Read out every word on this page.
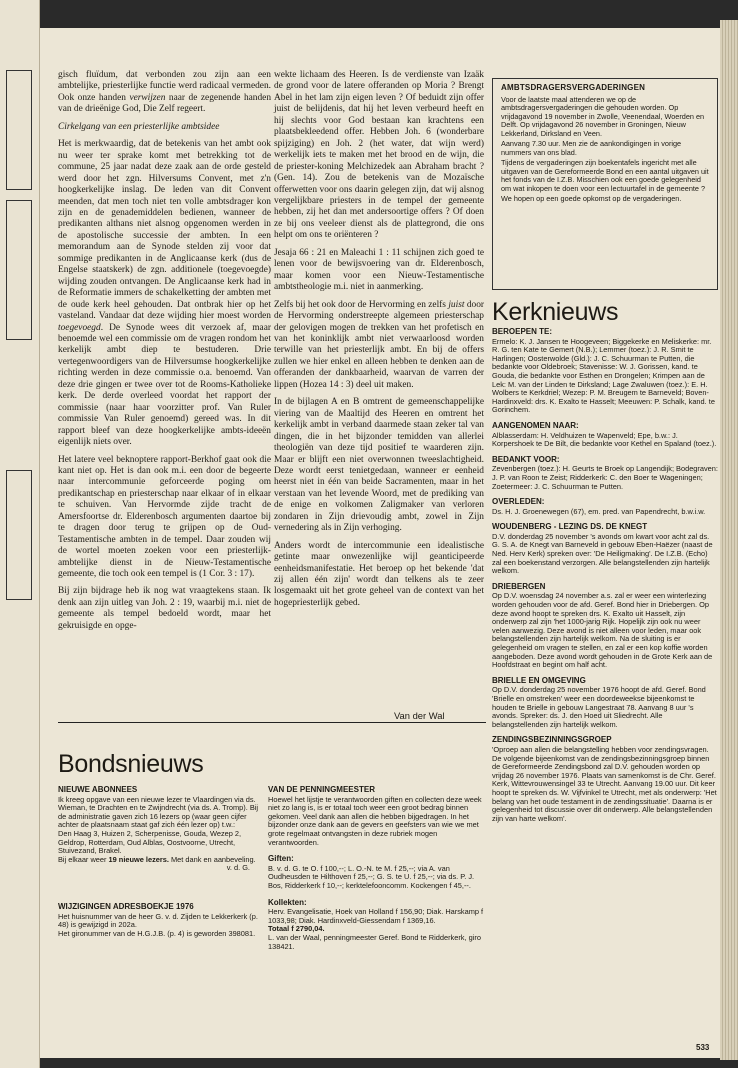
gisch fluïdum, dat verbonden zou zijn aan een ambtelijke, priesterlijke functie werd radicaal vermeden. Ook onze handen verwijzen naar de zegenende handen van de drieënige God, Die Zelf regeert.

Cirkelgang van een priesterlijke ambtsidee

Het is merkwaardig, dat de betekenis van het ambt ook nu weer ter sprake komt met betrekking tot de commune, 25 jaar nadat deze zaak aan de orde gesteld werd door het zgn. Hilversums Convent, met z'n hoogkerkelijke inslag. De leden van dit Convent meenden, dat men toch niet ten volle ambtsdrager kon zijn en de genademiddelen bedienen, wanneer de predikanten althans niet alsnog opgenomen werden in de apostolische successie der ambten. In een memorandum aan de Synode stelden zij voor dat sommige predikanten in de Anglicaanse kerk (dus de Engelse staatskerk) de zgn. additionele (toegevoegde) wijding zouden ontvangen. De Anglicaanse kerk had in de Reformatie immers de schakelketting der ambten met de oude kerk heel gehouden. Dat ontbrak hier op het vasteland. Vandaar dat deze wijding hier moest worden toegevoegd. De Synode wees dit verzoek af, maar benoemde wel een commissie om de vragen rondom het kerkelijk ambt diep te bestuderen. Drie vertegenwoordigers van de Hilversumse hoogkerkelijke richting werden in deze commissie o.a. benoemd. Van deze drie gingen er twee over tot de Rooms-Katholieke kerk. De derde overleed voordat het rapport der commissie (naar haar voorzitter prof. Van Ruler commissie Van Ruler genoemd) gereed was. In dit rapport bleef van deze hoogkerkelijke ambts-ideeën eigenlijk niets over.

Het latere veel beknoptere rapport-Berkhof gaat ook die kant niet op. Het is dan ook m.i. een door de begeerte naar intercommunie geforceerde poging om predikantschap en priesterschap naar elkaar of in elkaar te schuiven. Van Hervormde zijde tracht de Amersfoortse dr. Elderenbosch argumenten daartoe bij te dragen door terug te grijpen op de Oud-Testamentische ambten in de tempel. Daar zouden wij de wortel moeten zoeken voor een priesterlijk-ambtelijke dienst in de Nieuw-Testamentische gemeente, die toch ook een tempel is (1 Cor. 3 : 17).

Bij zijn bijdrage heb ik nog wat vraagtekens staan. Ik denk aan zijn uitleg van Joh. 2 : 19, waarbij m.i. niet de gemeente als tempel bedoeld wordt, maar het gekruisigde en opge-

wekte lichaam des Heeren. Is de verdienste van Izaäk de grond voor de latere offeranden op Moria ? Brengt Abel in het lam zijn eigen leven ? Of beduidt zijn offer juist de belijdenis, dat hij het leven verbeurd heeft en hij slechts voor God bestaan kan krachtens een plaatsbekleedend offer. Hebben Joh. 6 (wonderbare spijziging) en Joh. 2 (het water, dat wijn werd) werkelijk iets te maken met het brood en de wijn, die de priester-koning Melchizedek aan Abraham bracht ? (Gen. 14). Zou de betekenis van de Mozaïsche offerwetten voor ons daarin gelegen zijn, dat wij alsnog vergelijkbare priesters in de tempel der gemeente hebben, zij het dan met andersoortige offers ? Of doen ze bij ons veeleer dienst als de plattegrond, die ons helpt om ons te oriënteren ?

Jesaja 66 : 21 en Maleachi 1 : 11 schijnen zich goed te lenen voor de bewijsvoering van dr. Elderenbosch, maar komen voor een Nieuw-Testamentische ambtstheologie m.i. niet in aanmerking.

Zelfs bij het ook door de Hervorming en zelfs juist door de Hervorming onderstreepte algemeen priesterschap der gelovigen mogen de trekken van het profetisch en van het koninklijk ambt niet verwaarloosd worden terwille van het priesterlijk ambt. En bij de offers zullen we hier enkel en alleen hebben te denken aan de offeranden der dankbaarheid, waarvan de varren der lippen (Hozea 14 : 3) deel uit maken.

In de bijlagen A en B omtrent de gemeenschappelijke viering van de Maaltijd des Heeren en omtrent het kerkelijk ambt in verband daarmede staan zeker tal van dingen, die in het bijzonder temidden van allerlei theologiën van deze tijd positief te waarderen zijn. Maar er blijft een niet overwonnen tweeslachtigheid. Deze wordt eerst tenietgedaan, wanneer er eenheid heerst niet in één van beide Sacramenten, maar in het verstaan van het levende Woord, met de prediking van de enige en volkomen Zaligmaker van verloren zondaren in Zijn drievoudig ambt, zowel in Zijn vernedering als in Zijn verhoging.

Anders wordt de intercommunie een idealistische getinte maar onwezenlijke wijl geanticipeerde eenheidsmanifestatie. Het beroep op het bekende 'dat zij allen één zijn' wordt dan telkens als te zeer losgemaakt uit het grote geheel van de context van het hogepriesterlijk gebed.

Van der Wal
AMBTSDRAGERSVERGADERINGEN

Voor de laatste maal attenderen we op de ambtsdragersvergaderingen die gehouden worden. Op vrijdagavond 19 november in Zwolle, Veenendaal, Woerden en Delft. Op vrijdagavond 26 november in Groningen, Nieuw Lekkerland, Dirksland en Veen.

Aanvang 7.30 uur. Men zie de aankondigingen in vorige nummers van ons blad.

Tijdens de vergaderingen zijn boekentafels ingericht met alle uitgaven van de Gereformeerde Bond en een aantal uitgaven uit het fonds van de I.Z.B. Misschien ook een goede gelegenheid om wat inkopen te doen voor een lectuurtafel in de gemeente ?

We hopen op een goede opkomst op de vergaderingen.

Kerknieuws
BEROEPEN TE:

Ermelo: K. J. Jansen te Hoogeveen; Biggekerke en Meliskerke: mr. R. G. ten Kate te Gemert (N.B.); Lemmer (toez.): J. R. Smit te Harlingen; Oosterwolde (Gld.): J. C. Schuurman te Putten, die bedankte voor Oldebroek; Stavenisse: W. J. Gorissen, kand. te Gouda, die bedankte voor Esthen en Drongelen; Krimpen aan de Lek: M. van der Linden te Dirksland; Lage Zwaluwen (toez.): E. H. Wolbers te Kerkdriel; Wezep: P. M. Breugem te Barneveld; Boven-Hardinxveld: drs. K. Exalto te Hasselt; Meeuwen: P. Schalk, kand. te Gorinchem.

AANGENOMEN NAAR:

Alblasserdam: H. Veldhuizen te Wapenveld; Epe, b.w.: J. Korpershoek te De Bilt, die bedankte voor Kethel en Spaland (toez.).

BEDANKT VOOR:

Zevenbergen (toez.): H. Geurts te Broek op Langendijk; Bodegraven: J. P. van Roon te Zeist; Ridderkerk: C. den Boer te Wageningen; Zoetermeer: J. C. Schuurman te Putten.

OVERLEDEN:

Ds. H. J. Groenewegen (67), em. pred. van Papendrecht, b.w.i.w.

WOUDENBERG - LEZING DS. DE KNEGT

D.V. donderdag 25 november 's avonds om kwart voor acht zal ds. G. S. A. de Knegt van Barneveld in gebouw Eben-Haëzer (naast de Ned. Herv Kerk) spreken over: 'De Heiligmaking'. De I.Z.B. (Echo) zal een boekenstand verzorgen. Alle belangstellenden zijn hartelijk welkom.

DRIEBERGEN

Op D.V. woensdag 24 november a.s. zal er weer een winterlezing worden gehouden voor de afd. Geref. Bond hier in Driebergen. Op deze avond hoopt te spreken drs. K. Exalto uit Hasselt, zijn onderwerp zal zijn 'het 1000-jarig Rijk. Hopelijk zijn ook nu weer velen aanwezig. Deze avond is niet alleen voor leden, maar ook belangstellenden zijn hartelijk welkom. Na de sluiting is er gelegenheid om vragen te stellen, en zal er een kop koffie worden aangeboden. Deze avond wordt gehouden in de Grote Kerk aan de Hoofdstraat en begint om half acht.

BRIELLE EN OMGEVING

Op D.V. donderdag 25 november 1976 hoopt de afd. Geref. Bond 'Brielle en omstreken' weer een doordeweekse bijeenkomst te houden te Brielle in gebouw Langestraat 78. Aanvang 8 uur 's avonds. Spreker: ds. J. den Hoed uit Sliedrecht. Alle belangstellenden zijn hartelijk welkom.

ZENDINGSBEZINNINGSGROEP

'Oproep aan allen die belangstelling hebben voor zendingsvragen. De volgende bijeenkomst van de zendingsbezinningsgroep binnen de Gereformeerde Zendingsbond zal D.V. gehouden worden op vrijdag 26 november 1976. Plaats van samenkomst is de Chr. Geref. Kerk, Wittevrouwensingel 33 te Utrecht. Aanvang 19.00 uur. Dit keer hoopt te spreken ds. W. Vijfvinkel te Utrecht, met als onderwerp: 'Het belang van het oude testament in de zendingssituatie'. Daarna is er gelegenheid tot discussie over dit onderwerp. Alle belangstellenden zijn van harte welkom'.

Bondsnieuws
NIEUWE ABONNEES

Ik kreeg opgave van een nieuwe lezer te Vlaardingen via ds. Wieman, te Drachten en te Zwijndrecht (via ds. A. Tromp). Bij de administratie gaven zich 16 lezers op (waar geen cijfer achter de plaatsnaam staat gaf zich één lezer op) t.w.:

Den Haag 3, Huizen 2, Scherpenisse, Gouda, Wezep 2, Geldrop, Rotterdam, Oud Alblas, Oostvoorne, Utrecht, Stuivezand, Brakel.

Bij elkaar weer 19 nieuwe lezers. Met dank en aanbeveling.

v. d. G.

WIJZIGINGEN ADRESBOEKJE 1976

Het huisnummer van de heer G. v. d. Zijden te Lekkerkerk (p. 48) is gewijzigd in 202a.

Het gironummer van de H.G.J.B. (p. 4) is geworden 398081.

VAN DE PENNINGMEESTER

Hoewel het lijstje te verantwoorden giften en collecten deze week niet zo lang is, is er totaal toch weer een groot bedrag binnen gekomen. Veel dank aan allen die hebben bijgedragen. In het bijzonder onze dank aan de gevers en geefsters van wie we met grote regelmaat ontvangsten in deze rubriek mogen verantwoorden.

Giften:

B. v. d. G. te O. f 100,--; L. O.-N. te M. f 25,--; via A. van Oudheusden te Hilthoven f 25,--; G. S. te U. f 25,--; via ds. P. J. Bos, Ridderkerk f 10,--; kerktelefooncomm. Kockengen f 45,--.

Kollekten:

Herv. Evangelisatie, Hoek van Holland f 156,90; Diak. Harskamp f 1033,98; Diak. Hardinxveld-Giessendam f 1369,16.

Totaal f 2790,04.

L. van der Waal, penningmeester Geref. Bond te Ridderkerk, giro 138421.

533
